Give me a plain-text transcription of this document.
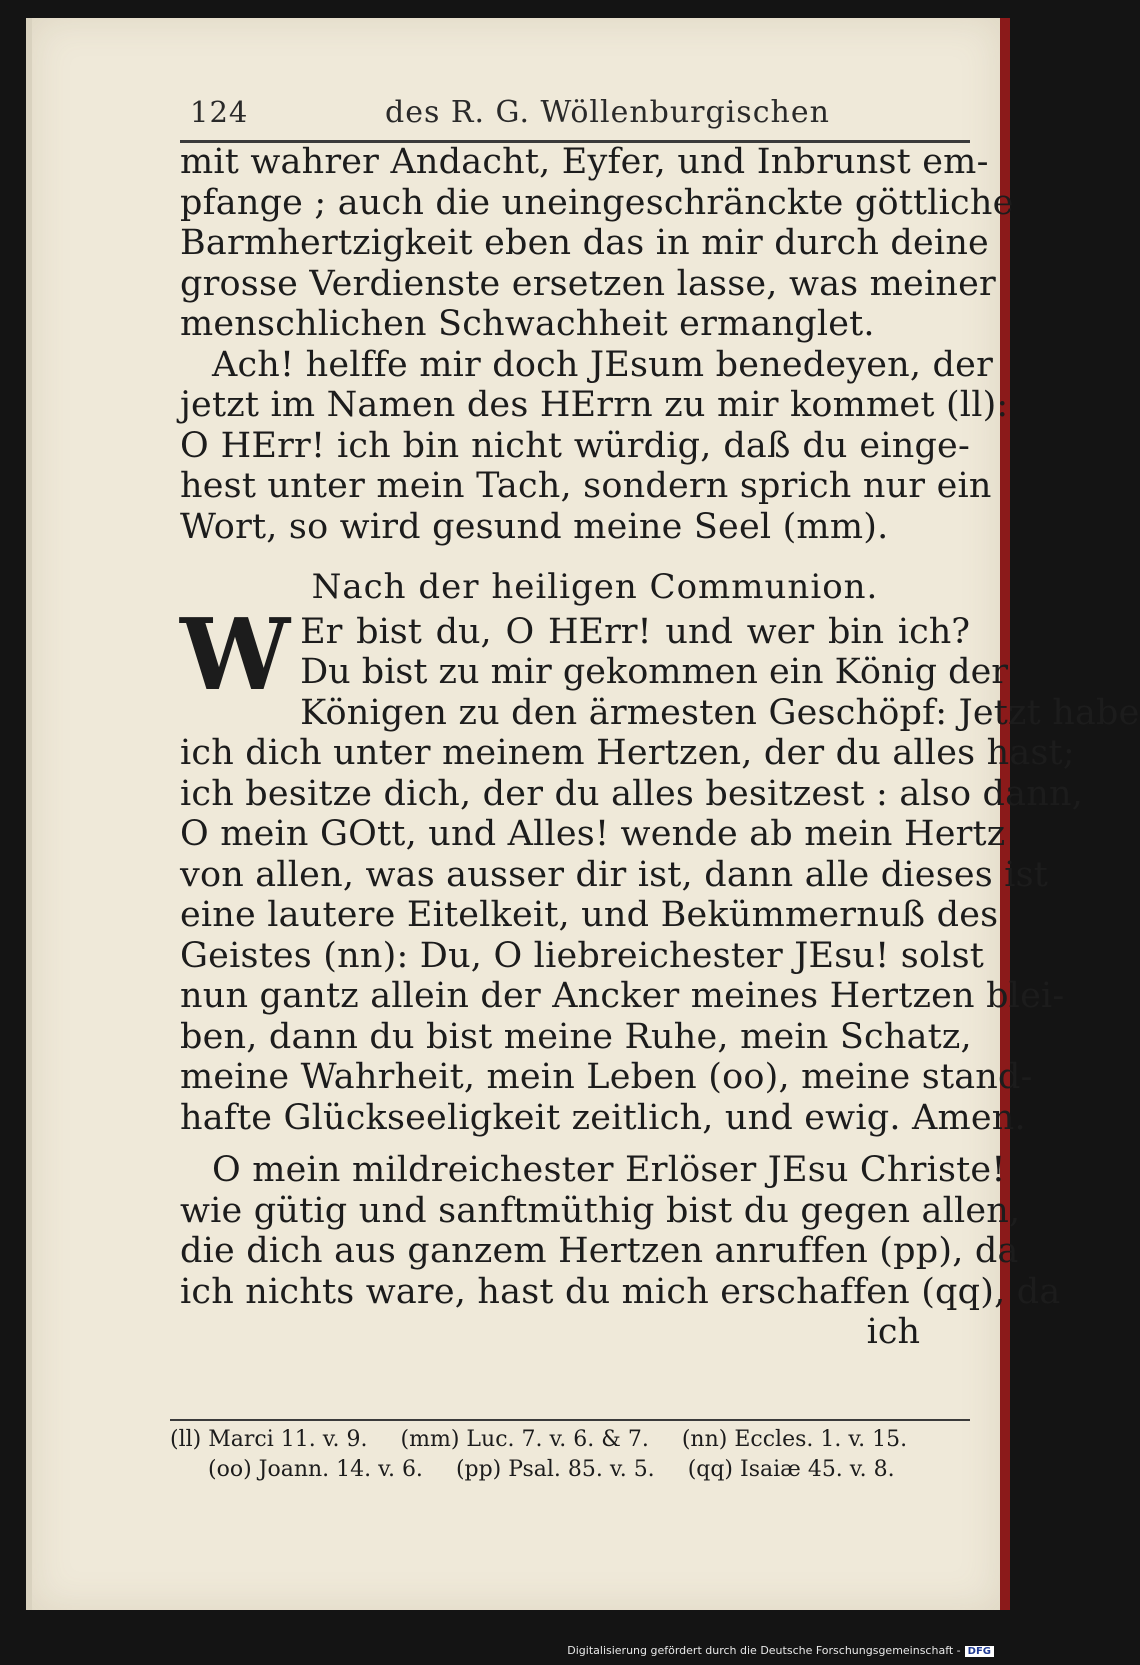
124	des R. G. Wöllenburgischen
mit wahrer Andacht, Eyfer, und Inbrunst em-
pfange ; auch die uneingeschränckte göttliche
Barmhertzigkeit eben das in mir durch deine
grosse Verdienste ersetzen lasse, was meiner
menschlichen Schwachheit ermanglet.
Ach! helffe mir doch JEsum benedeyen, der
jetzt im Namen des HErrn zu mir kommet (ll):
O HErr! ich bin nicht würdig, daß du einge-
hest unter mein Tach, sondern sprich nur ein
Wort, so wird gesund meine Seel (mm).
Nach der heiligen Communion.
W Er bist du, O HErr! und wer bin ich?
Du bist zu mir gekommen ein König der
Königen zu den ärmesten Geschöpf: Jetzt habe
ich dich unter meinem Hertzen, der du alles hast;
ich besitze dich, der du alles besitzest : also dann,
O mein GOtt, und Alles! wende ab mein Hertz
von allen, was ausser dir ist, dann alle dieses ist
eine lautere Eitelkeit, und Bekümmernuß des
Geistes (nn): Du, O liebreichester JEsu! solst
nun gantz allein der Ancker meines Hertzen blei-
ben, dann du bist meine Ruhe, mein Schatz,
meine Wahrheit, mein Leben (oo), meine stand-
hafte Glückseeligkeit zeitlich, und ewig. Amen.
O mein mildreichester Erlöser JEsu Christe!
wie gütig und sanftmüthig bist du gegen allen,
die dich aus ganzem Hertzen anruffen (pp), da
ich nichts ware, hast du mich erschaffen (qq), da
ich
(ll) Marci 11. v. 9. (mm) Luc. 7. v. 6. & 7. (nn) Eccles. 1. v. 15.
(oo) Joann. 14. v. 6. (pp) Psal. 85. v. 5. (qq) Isaiæ 45. v. 8.
Digitalisierung gefördert durch die Deutsche Forschungsgemeinschaft - DFG
